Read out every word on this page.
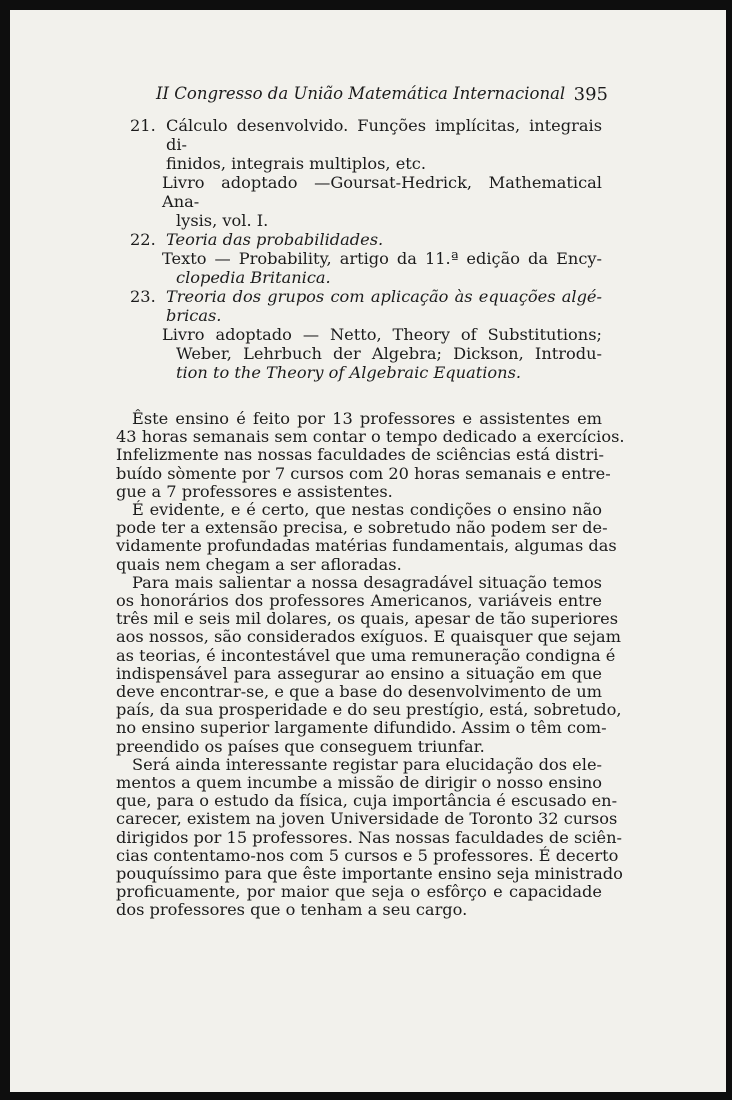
II Congresso da União Matemática Internacional 395
21. Cálculo desenvolvido. Funções implícitas, integrais di-
finidos, integrais multiplos, etc.
Livro adoptado —Goursat-Hedrick, Mathematical Ana-
lysis, vol. I.
22. Teoria das probabilidades.
Texto — Probability, artigo da 11.ª edição da Ency-
clopedia Britanica.
23. Treoria dos grupos com aplicação às equações algé-
bricas.
Livro adoptado — Netto, Theory of Substitutions;
Weber, Lehrbuch der Algebra; Dickson, Introdu-
tion to the Theory of Algebraic Equations.
Êste ensino é feito por 13 professores e assistentes em
43 horas semanais sem contar o tempo dedicado a exercícios.
Infelizmente nas nossas faculdades de sciências está distri-
buído sòmente por 7 cursos com 20 horas semanais e entre-
gue a 7 professores e assistentes.
É evidente, e é certo, que nestas condições o ensino não
pode ter a extensão precisa, e sobretudo não podem ser de-
vidamente profundadas matérias fundamentais, algumas das
quais nem chegam a ser afloradas.
Para mais salientar a nossa desagradável situação temos
os honorários dos professores Americanos, variáveis entre
três mil e seis mil dolares, os quais, apesar de tão superiores
aos nossos, são considerados exíguos. E quaisquer que sejam
as teorias, é incontestável que uma remuneração condigna é
indispensável para assegurar ao ensino a situação em que
deve encontrar-se, e que a base do desenvolvimento de um
país, da sua prosperidade e do seu prestígio, está, sobretudo,
no ensino superior largamente difundido. Assim o têm com-
preendido os países que conseguem triunfar.
Será ainda interessante registar para elucidação dos ele-
mentos a quem incumbe a missão de dirigir o nosso ensino
que, para o estudo da física, cuja importância é escusado en-
carecer, existem na joven Universidade de Toronto 32 cursos
dirigidos por 15 professores. Nas nossas faculdades de sciên-
cias contentamo-nos com 5 cursos e 5 professores. É decerto
pouquíssimo para que êste importante ensino seja ministrado
proficuamente, por maior que seja o esfôrço e capacidade
dos professores que o tenham a seu cargo.
